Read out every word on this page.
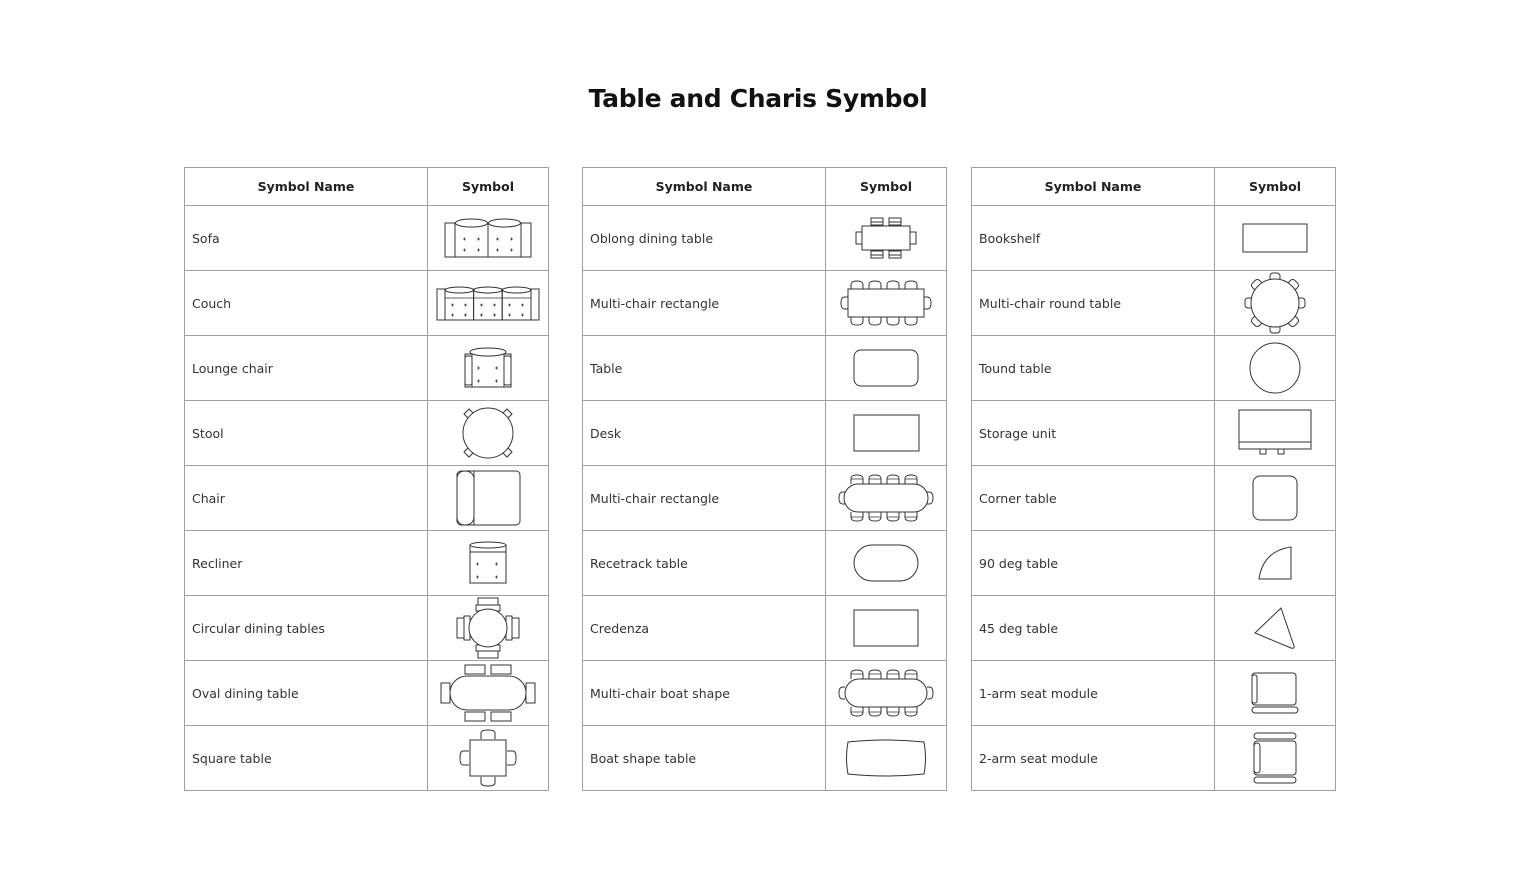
Table and Charis Symbol
Symbol Name	Symbol
Sofa	

Couch	

Lounge chair	

Stool	

Chair	

Recliner	

Circular dining tables	

Oval dining table	

Square table	
Symbol Name	Symbol
Oblong dining table	

Multi-chair rectangle	

Table	

Desk	

Multi-chair rectangle	

Recetrack table	

Credenza	

Multi-chair boat shape	

Boat shape table	
Symbol Name	Symbol
Bookshelf	

Multi-chair round table	

Tound table	

Storage unit	

Corner table	

90 deg table	

45 deg table	

1-arm seat module	

2-arm seat module	
